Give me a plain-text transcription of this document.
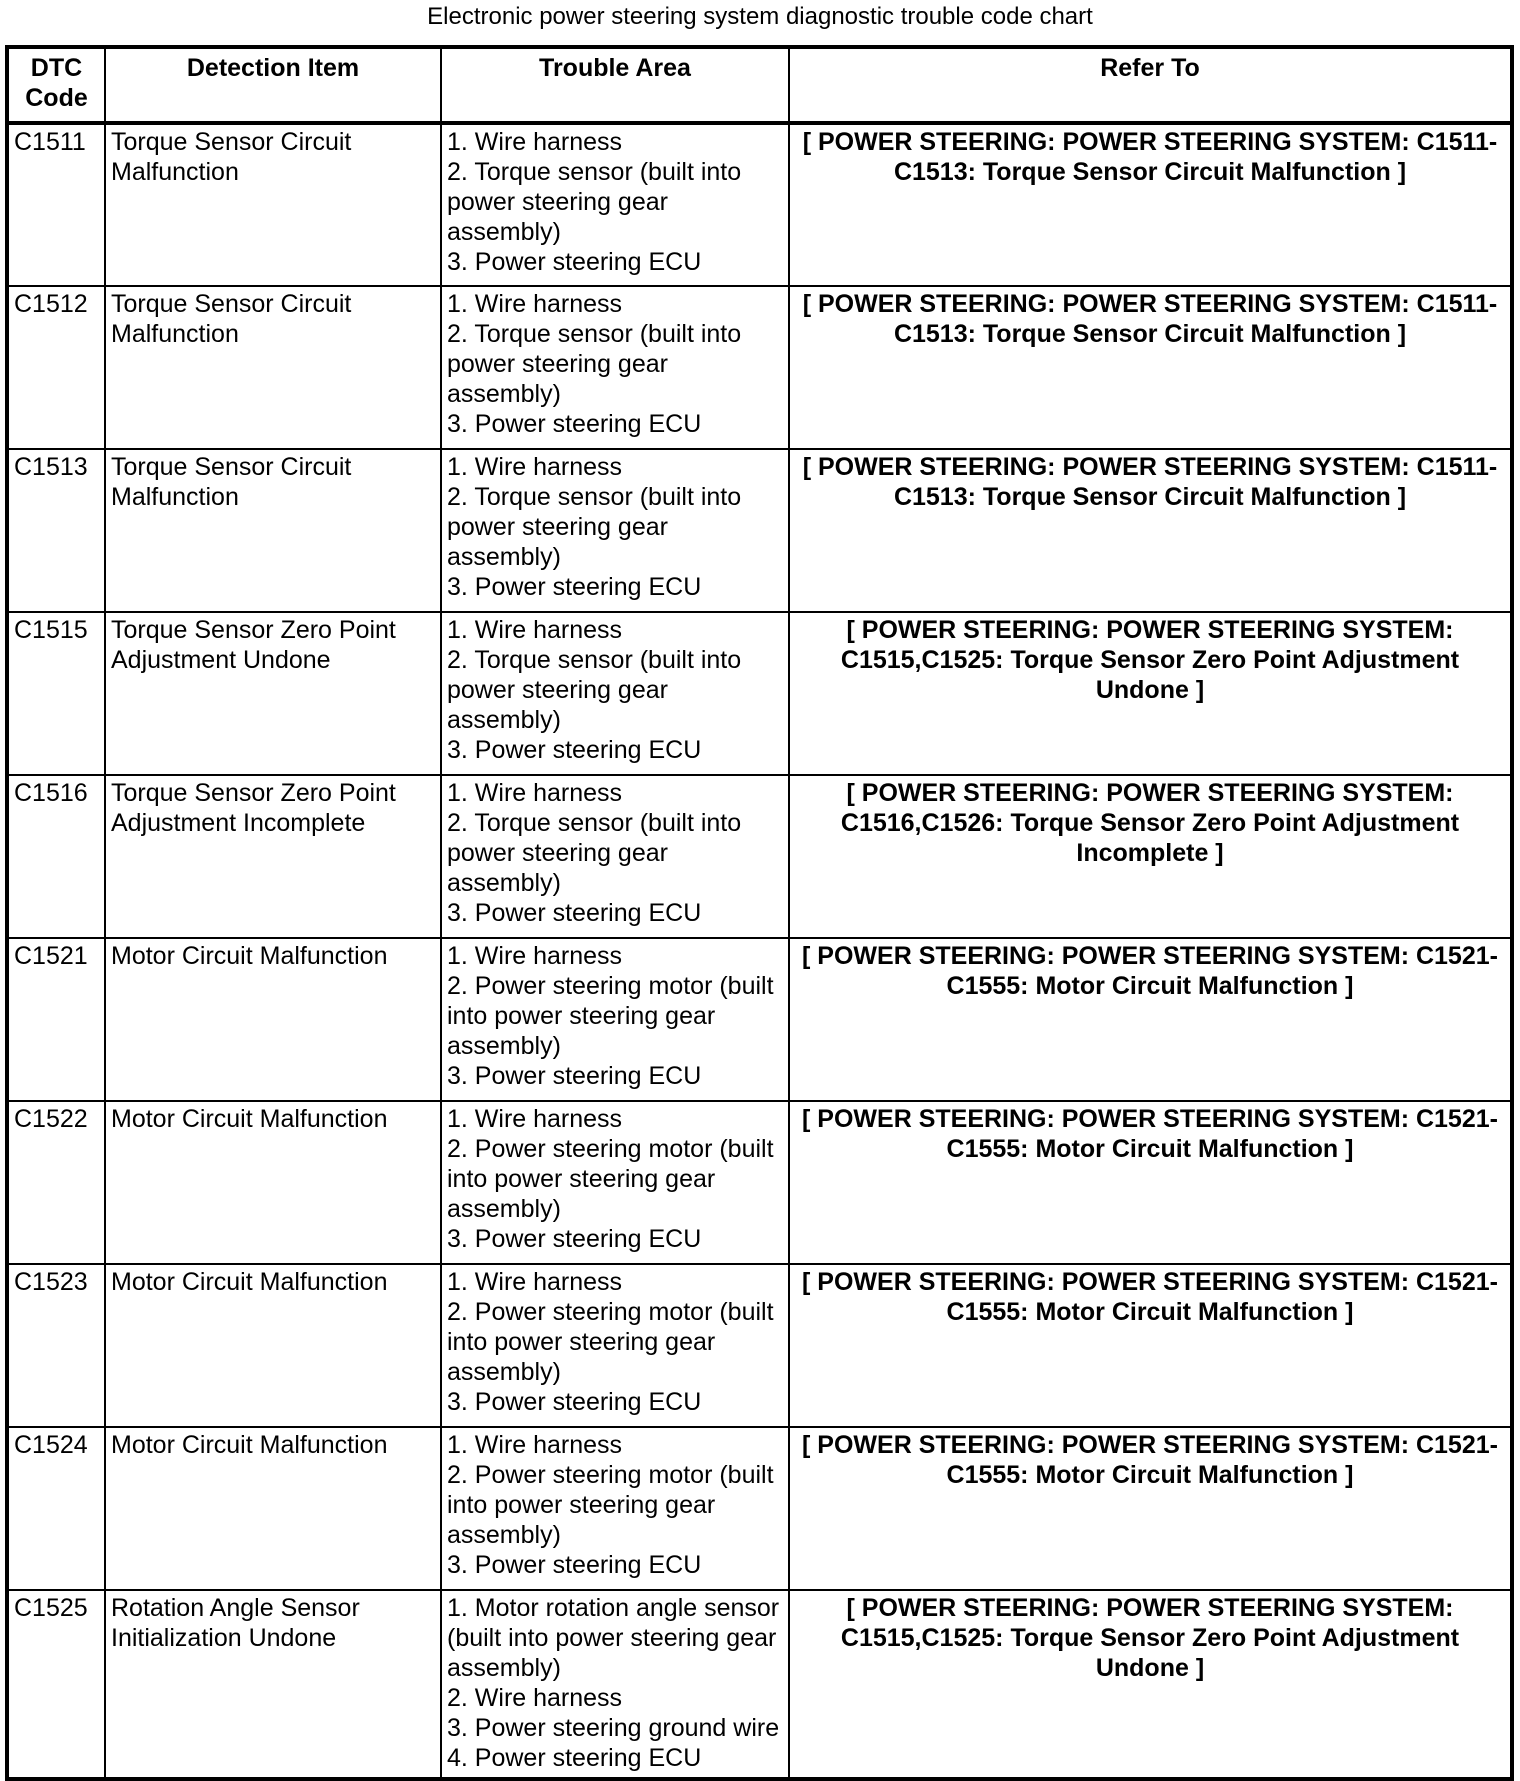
Electronic power steering system diagnostic trouble code chart
DTC Code	Detection Item	Trouble Area	Refer To
C1511	Torque Sensor Circuit Malfunction	1. Wire harness
2. Torque sensor (built into power steering gear assembly)
3. Power steering ECU	[ POWER STEERING: POWER STEERING SYSTEM: C1511-C1513: Torque Sensor Circuit Malfunction ]
C1512	Torque Sensor Circuit Malfunction	1. Wire harness
2. Torque sensor (built into power steering gear assembly)
3. Power steering ECU	[ POWER STEERING: POWER STEERING SYSTEM: C1511-C1513: Torque Sensor Circuit Malfunction ]
C1513	Torque Sensor Circuit Malfunction	1. Wire harness
2. Torque sensor (built into power steering gear assembly)
3. Power steering ECU	[ POWER STEERING: POWER STEERING SYSTEM: C1511-C1513: Torque Sensor Circuit Malfunction ]
C1515	Torque Sensor Zero Point Adjustment Undone	1. Wire harness
2. Torque sensor (built into power steering gear assembly)
3. Power steering ECU	[ POWER STEERING: POWER STEERING SYSTEM: C1515,C1525: Torque Sensor Zero Point Adjustment Undone ]
C1516	Torque Sensor Zero Point Adjustment Incomplete	1. Wire harness
2. Torque sensor (built into power steering gear assembly)
3. Power steering ECU	[ POWER STEERING: POWER STEERING SYSTEM: C1516,C1526: Torque Sensor Zero Point Adjustment Incomplete ]
C1521	Motor Circuit Malfunction	1. Wire harness
2. Power steering motor (built into power steering gear assembly)
3. Power steering ECU	[ POWER STEERING: POWER STEERING SYSTEM: C1521-C1555: Motor Circuit Malfunction ]
C1522	Motor Circuit Malfunction	1. Wire harness
2. Power steering motor (built into power steering gear assembly)
3. Power steering ECU	[ POWER STEERING: POWER STEERING SYSTEM: C1521-C1555: Motor Circuit Malfunction ]
C1523	Motor Circuit Malfunction	1. Wire harness
2. Power steering motor (built into power steering gear assembly)
3. Power steering ECU	[ POWER STEERING: POWER STEERING SYSTEM: C1521-C1555: Motor Circuit Malfunction ]
C1524	Motor Circuit Malfunction	1. Wire harness
2. Power steering motor (built into power steering gear assembly)
3. Power steering ECU	[ POWER STEERING: POWER STEERING SYSTEM: C1521-C1555: Motor Circuit Malfunction ]
C1525	Rotation Angle Sensor Initialization Undone	1. Motor rotation angle sensor (built into power steering gear assembly)
2. Wire harness
3. Power steering ground wire
4. Power steering ECU	[ POWER STEERING: POWER STEERING SYSTEM: C1515,C1525: Torque Sensor Zero Point Adjustment Undone ]
